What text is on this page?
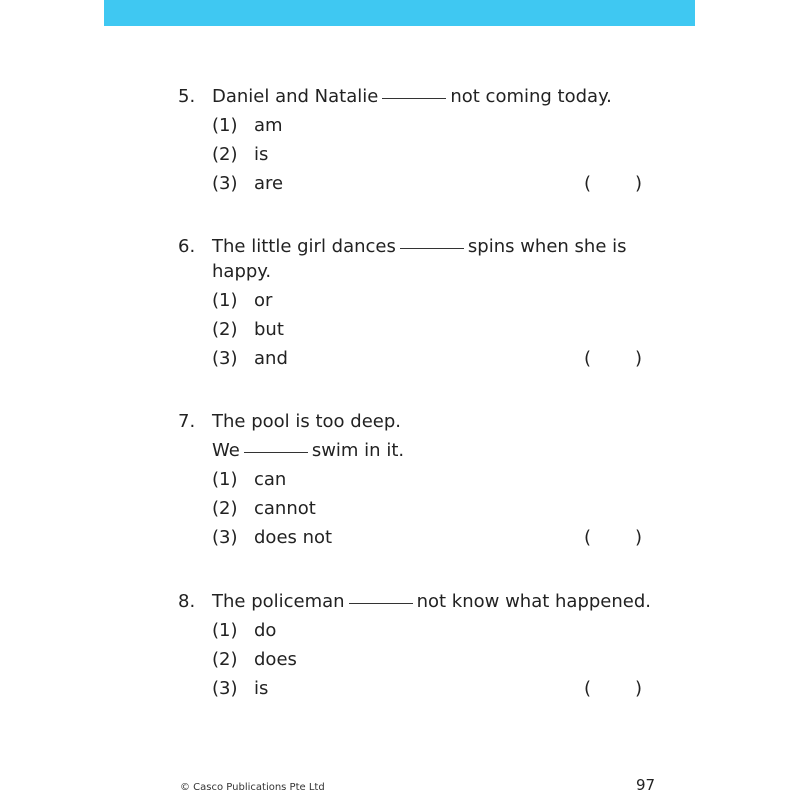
5. Daniel and Natalie	not coming today.
(1) am
(2) is
(3) are	( )
6. The little girl dances	spins when she is
happy.
(1) or
(2) but
(3) and	( )
7. The pool is too deep.
We	swim in it.
(1) can
(2) cannot
(3) does not	( )
8. The policeman	not know what happened.
(1) do
(2) does
(3) is	( )
© Casco Publications Pte Ltd	97
